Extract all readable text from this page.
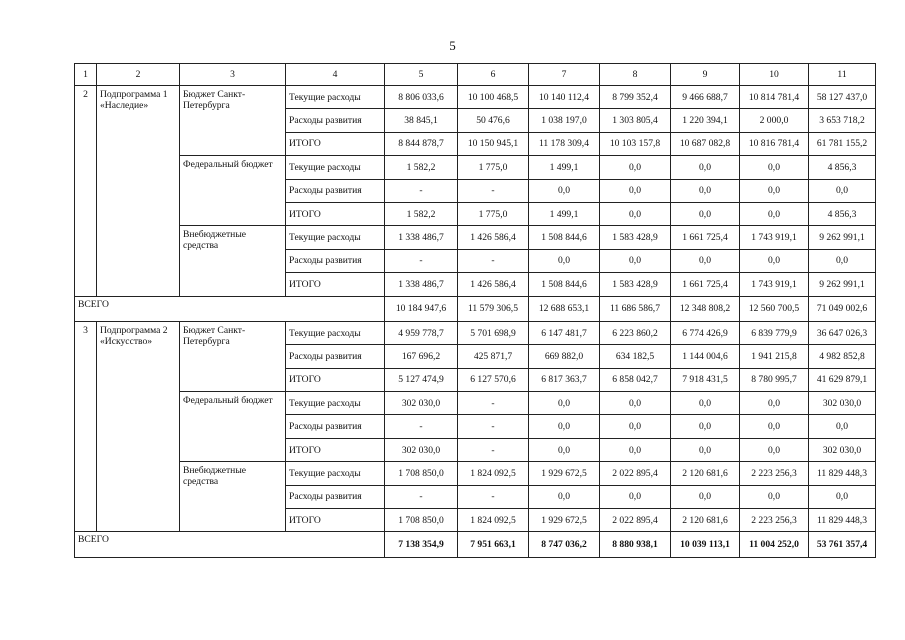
5
1	2	3	4	5	6	7	8	9	10	11
2	Подпрограмма 1 «Наследие»	Бюджет Санкт-Петербурга	Текущие расходы	8 806 033,6	10 100 468,5	10 140 112,4	8 799 352,4	9 466 688,7	10 814 781,4	58 127 437,0
			Расходы развития	38 845,1	50 476,6	1 038 197,0	1 303 805,4	1 220 394,1	2 000,0	3 653 718,2
			ИТОГО	8 844 878,7	10 150 945,1	11 178 309,4	10 103 157,8	10 687 082,8	10 816 781,4	61 781 155,2
		Федеральный бюджет	Текущие расходы	1 582,2	1 775,0	1 499,1	0,0	0,0	0,0	4 856,3
			Расходы развития	-	-	0,0	0,0	0,0	0,0	0,0
			ИТОГО	1 582,2	1 775,0	1 499,1	0,0	0,0	0,0	4 856,3
		Внебюджетные средства	Текущие расходы	1 338 486,7	1 426 586,4	1 508 844,6	1 583 428,9	1 661 725,4	1 743 919,1	9 262 991,1
			Расходы развития	-	-	0,0	0,0	0,0	0,0	0,0
			ИТОГО	1 338 486,7	1 426 586,4	1 508 844,6	1 583 428,9	1 661 725,4	1 743 919,1	9 262 991,1
ВСЕГО				10 184 947,6	11 579 306,5	12 688 653,1	11 686 586,7	12 348 808,2	12 560 700,5	71 049 002,6
3	Подпрограмма 2 «Искусство»	Бюджет Санкт-Петербурга	Текущие расходы	4 959 778,7	5 701 698,9	6 147 481,7	6 223 860,2	6 774 426,9	6 839 779,9	36 647 026,3
			Расходы развития	167 696,2	425 871,7	669 882,0	634 182,5	1 144 004,6	1 941 215,8	4 982 852,8
			ИТОГО	5 127 474,9	6 127 570,6	6 817 363,7	6 858 042,7	7 918 431,5	8 780 995,7	41 629 879,1
		Федеральный бюджет	Текущие расходы	302 030,0	-	0,0	0,0	0,0	0,0	302 030,0
			Расходы развития	-	-	0,0	0,0	0,0	0,0	0,0
			ИТОГО	302 030,0	-	0,0	0,0	0,0	0,0	302 030,0
		Внебюджетные средства	Текущие расходы	1 708 850,0	1 824 092,5	1 929 672,5	2 022 895,4	2 120 681,6	2 223 256,3	11 829 448,3
			Расходы развития	-	-	0,0	0,0	0,0	0,0	0,0
			ИТОГО	1 708 850,0	1 824 092,5	1 929 672,5	2 022 895,4	2 120 681,6	2 223 256,3	11 829 448,3
ВСЕГО				7 138 354,9	7 951 663,1	8 747 036,2	8 880 938,1	10 039 113,1	11 004 252,0	53 761 357,4
